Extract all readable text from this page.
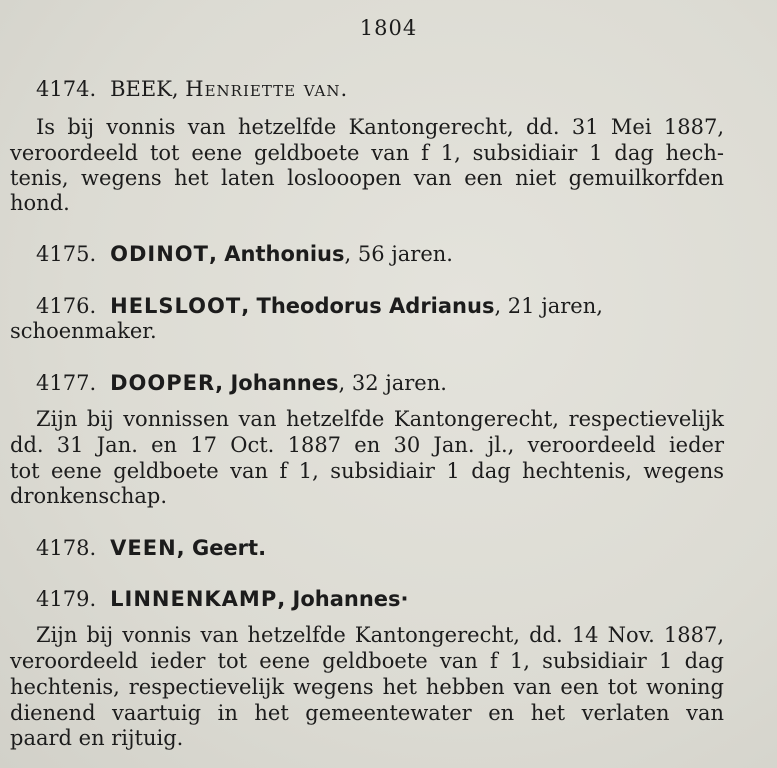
1804
4174. BEEK, Henriette van.
Is bij vonnis van hetzelfde Kantongerecht, dd. 31 Mei 1887,
veroordeeld tot eene geldboete van f 1, subsidiair 1 dag hech-
tenis, wegens het laten loslooopen van een niet gemuilkorfden
hond.
4175. ODINOT, Anthonius, 56 jaren.
4176. HELSLOOT, Theodorus Adrianus, 21 jaren,
schoenmaker.
4177. DOOPER, Johannes, 32 jaren.
Zijn bij vonnissen van hetzelfde Kantongerecht, respectievelijk
dd. 31 Jan. en 17 Oct. 1887 en 30 Jan. jl., veroordeeld ieder
tot eene geldboete van f 1, subsidiair 1 dag hechtenis, wegens
dronkenschap.
4178. VEEN, Geert.
4179. LINNENKAMP, Johannes·
Zijn bij vonnis van hetzelfde Kantongerecht, dd. 14 Nov. 1887,
veroordeeld ieder tot eene geldboete van f 1, subsidiair 1 dag
hechtenis, respectievelijk wegens het hebben van een tot woning
dienend vaartuig in het gemeentewater en het verlaten van
paard en rijtuig.
